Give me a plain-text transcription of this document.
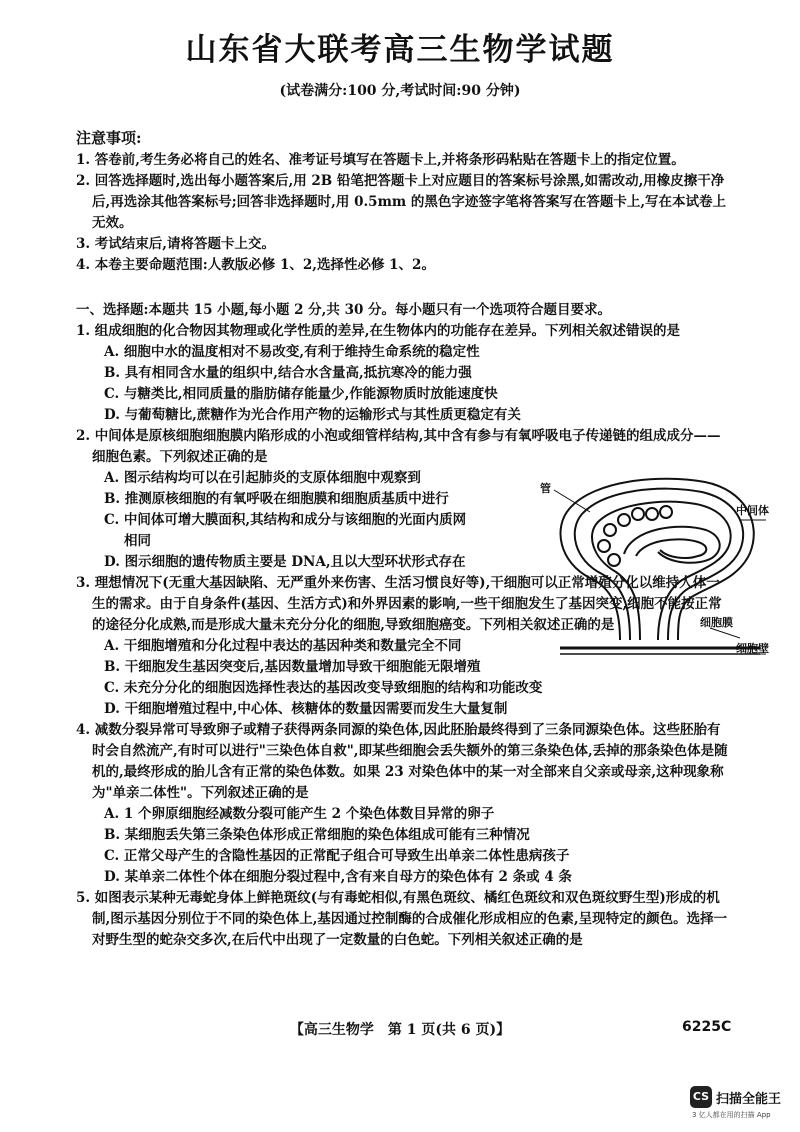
山东省大联考高三生物学试题
(试卷满分:100 分,考试时间:90 分钟)
注意事项:
1. 答卷前,考生务必将自己的姓名、准考证号填写在答题卡上,并将条形码粘贴在答题卡上的指定位置。
2. 回答选择题时,选出每小题答案后,用 2B 铅笔把答题卡上对应题目的答案标号涂黑,如需改动,用橡皮擦干净后,再选涂其他答案标号;回答非选择题时,用 0.5mm 的黑色字迹签字笔将答案写在答题卡上,写在本试卷上无效。
3. 考试结束后,请将答题卡上交。
4. 本卷主要命题范围:人教版必修 1、2,选择性必修 1、2。
一、选择题:本题共 15 小题,每小题 2 分,共 30 分。每小题只有一个选项符合题目要求。
1. 组成细胞的化合物因其物理或化学性质的差异,在生物体内的功能存在差异。下列相关叙述错误的是
A. 细胞中水的温度相对不易改变,有利于维持生命系统的稳定性
B. 具有相同含水量的组织中,结合水含量高,抵抗寒冷的能力强
C. 与糖类比,相同质量的脂肪储存能量少,作能源物质时放能速度快
D. 与葡萄糖比,蔗糖作为光合作用产物的运输形式与其性质更稳定有关
2. 中间体是原核细胞细胞膜内陷形成的小泡或细管样结构,其中含有参与有氧呼吸电子传递链的组成成分——细胞色素。下列叙述正确的是
A. 图示结构均可以在引起肺炎的支原体细胞中观察到
B. 推测原核细胞的有氧呼吸在细胞膜和细胞质基质中进行
C. 中间体可增大膜面积,其结构和成分与该细胞的光面内质网相同
D. 图示细胞的遗传物质主要是 DNA,且以大型环状形式存在
管
中间体
细胞膜
细胞壁
3. 理想情况下(无重大基因缺陷、无严重外来伤害、生活习惯良好等),干细胞可以正常增殖分化以维持人体一生的需求。由于自身条件(基因、生活方式)和外界因素的影响,一些干细胞发生了基因突变,细胞不能按正常的途径分化成熟,而是形成大量未充分分化的细胞,导致细胞癌变。下列相关叙述正确的是
A. 干细胞增殖和分化过程中表达的基因种类和数量完全不同
B. 干细胞发生基因突变后,基因数量增加导致干细胞能无限增殖
C. 未充分分化的细胞因选择性表达的基因改变导致细胞的结构和功能改变
D. 干细胞增殖过程中,中心体、核糖体的数量因需要而发生大量复制
4. 减数分裂异常可导致卵子或精子获得两条同源的染色体,因此胚胎最终得到了三条同源染色体。这些胚胎有时会自然流产,有时可以进行"三染色体自救",即某些细胞会丢失额外的第三条染色体,丢掉的那条染色体是随机的,最终形成的胎儿含有正常的染色体数。如果 23 对染色体中的某一对全部来自父亲或母亲,这种现象称为"单亲二体性"。下列叙述正确的是
A. 1 个卵原细胞经减数分裂可能产生 2 个染色体数目异常的卵子
B. 某细胞丢失第三条染色体形成正常细胞的染色体组成可能有三种情况
C. 正常父母产生的含隐性基因的正常配子组合可导致生出单亲二体性患病孩子
D. 某单亲二体性个体在细胞分裂过程中,含有来自母方的染色体有 2 条或 4 条
5. 如图表示某种无毒蛇身体上鲜艳斑纹(与有毒蛇相似,有黑色斑纹、橘红色斑纹和双色斑纹野生型)形成的机制,图示基因分别位于不同的染色体上,基因通过控制酶的合成催化形成相应的色素,呈现特定的颜色。选择一对野生型的蛇杂交多次,在后代中出现了一定数量的白色蛇。下列相关叙述正确的是
【高三生物学　第 1 页(共 6 页)】	6225C
CS 扫描全能王
3 亿人都在用的扫描 App
